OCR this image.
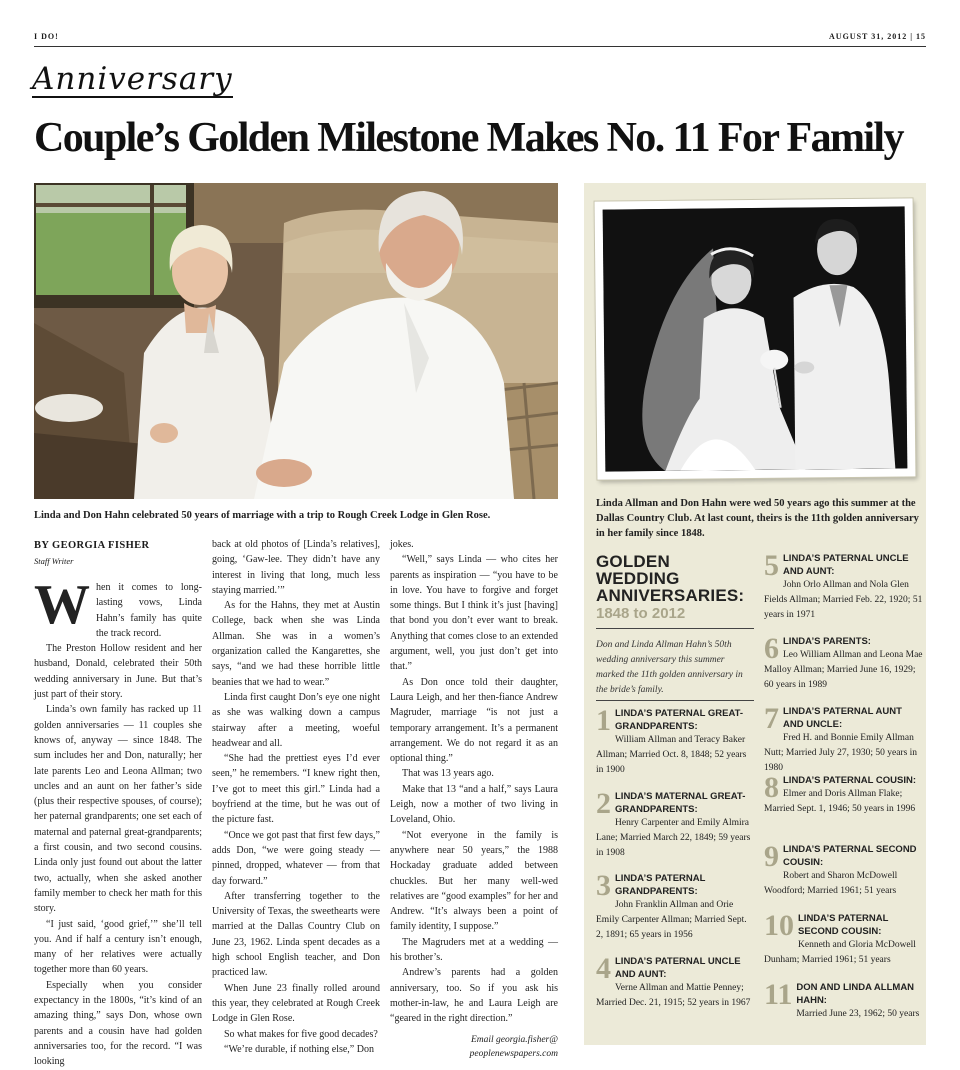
I DO!	AUGUST 31, 2012 | 15
Anniversary
Couple’s Golden Milestone Makes No. 11 For Family
Linda and Don Hahn celebrated 50 years of marriage with a trip to Rough Creek Lodge in Glen Rose.
BY GEORGIA FISHER
Staff Writer

When it comes to long-lasting vows, Linda Hahn’s family has quite the track record.

The Preston Hollow resident and her husband, Donald, celebrated their 50th wedding anniversary in June. But that’s just part of their story.

Linda’s own family has racked up 11 golden anniversaries — 11 couples she knows of, anyway — since 1848. The sum includes her and Don, naturally; her late parents Leo and Leona Allman; two uncles and an aunt on her father’s side (plus their respective spouses, of course); her paternal grandparents; one set each of maternal and paternal great-grandparents; a first cousin, and two second cousins. Linda only just found out about the latter two, actually, when she asked another family member to check her math for this story.

“I just said, ‘good grief,’” she’ll tell you. And if half a century isn’t enough, many of her relatives were actually together more than 60 years.

Especially when you consider expectancy in the 1800s, “it’s kind of an amazing thing,” says Don, whose own parents and a cousin have had golden anniversaries too, for the record. “I was looking

back at old photos of [Linda’s relatives], going, ‘Gaw-lee. They didn’t have any interest in living that long, much less staying married.’”

As for the Hahns, they met at Austin College, back when she was Linda Allman. She was in a women’s organization called the Kangarettes, she says, “and we had these horrible little beanies that we had to wear.”

Linda first caught Don’s eye one night as she was walking down a campus stairway after a meeting, woeful headwear and all.

“She had the prettiest eyes I’d ever seen,” he remembers. “I knew right then, I’ve got to meet this girl.” Linda had a boyfriend at the time, but he was out of the picture fast.

“Once we got past that first few days,” adds Don, “we were going steady — pinned, dropped, whatever — from that day forward.”

After transferring together to the University of Texas, the sweethearts were married at the Dallas Country Club on June 23, 1962. Linda spent decades as a high school English teacher, and Don practiced law.

When June 23 finally rolled around this year, they celebrated at Rough Creek Lodge in Glen Rose.

So what makes for five good decades?

“We’re durable, if nothing else,” Don

jokes.

“Well,” says Linda — who cites her parents as inspiration — “you have to be in love. You have to forgive and forget some things. But I think it’s just [having] that bond you don’t ever want to break. Anything that comes close to an extended argument, well, you just don’t get into that.”

As Don once told their daughter, Laura Leigh, and her then-fiance Andrew Magruder, marriage “is not just a temporary arrangement. It’s a permanent arrangement. We do not regard it as an optional thing.”

That was 13 years ago.

Make that 13 “and a half,” says Laura Leigh, now a mother of two living in Loveland, Ohio.

“Not everyone in the family is anywhere near 50 years,” the 1988 Hockaday graduate added between chuckles. But her many well-wed relatives are “good examples” for her and Andrew. “It’s always been a point of family identity, I suppose.”

The Magruders met at a wedding — his brother’s.

Andrew’s parents had a golden anniversary, too. So if you ask his mother-in-law, he and Laura Leigh are “geared in the right direction.”

Email georgia.fisher@
peoplenewspapers.com
Linda Allman and Don Hahn were wed 50 years ago this summer at the Dallas Country Club. At last count, theirs is the 11th golden anniversary in her family since 1848.
GOLDEN WEDDING ANNIVERSARIES:
1848 to 2012
Don and Linda Allman Hahn’s 50th wedding anniversary this summer marked the 11th golden anniversary in the bride’s family.
1 LINDA’S PATERNAL GREAT-GRANDPARENTS:
William Allman and Teracy Baker Allman; Married Oct. 8, 1848; 52 years in 1900
2 LINDA’S MATERNAL GREAT-GRANDPARENTS:
Henry Carpenter and Emily Almira Lane; Married March 22, 1849; 59 years in 1908
3 LINDA’S PATERNAL GRANDPARENTS:
John Franklin Allman and Orie Emily Carpenter Allman; Married Sept. 2, 1891; 65 years in 1956
4 LINDA’S PATERNAL UNCLE AND AUNT:
Verne Allman and Mattie Penney; Married Dec. 21, 1915; 52 years in 1967
5 LINDA’S PATERNAL UNCLE AND AUNT:
John Orlo Allman and Nola Glen Fields Allman; Married Feb. 22, 1920; 51 years in 1971
6 LINDA’S PARENTS:
Leo William Allman and Leona Mae Malloy Allman; Married June 16, 1929; 60 years in 1989
7 LINDA’S PATERNAL AUNT AND UNCLE:
Fred H. and Bonnie Emily Allman Nutt; Married July 27, 1930; 50 years in 1980
8 LINDA’S PATERNAL COUSIN:
Elmer and Doris Allman Flake; Married Sept. 1, 1946; 50 years in 1996
9 LINDA’S PATERNAL SECOND COUSIN:
Robert and Sharon McDowell Woodford; Married 1961; 51 years
10 LINDA’S PATERNAL SECOND COUSIN:
Kenneth and Gloria McDowell Dunham; Married 1961; 51 years
11 DON AND LINDA ALLMAN HAHN:
Married June 23, 1962; 50 years
